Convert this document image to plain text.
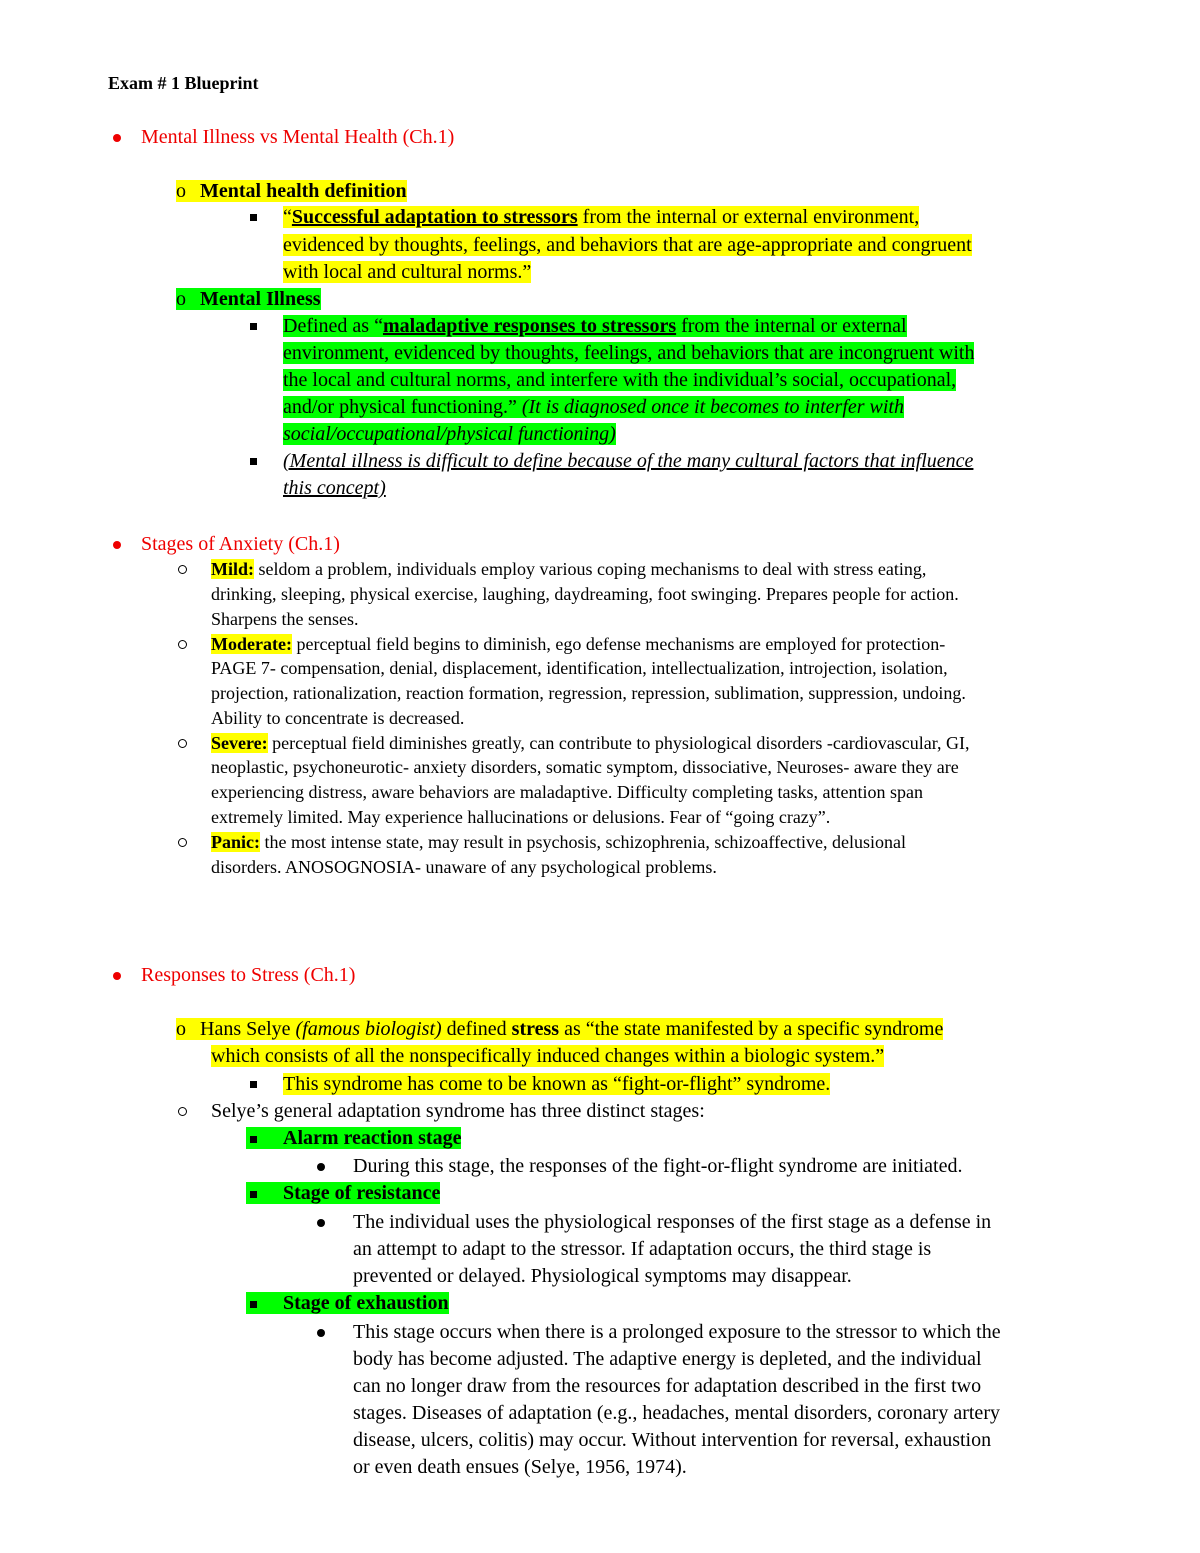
Exam # 1 Blueprint
Mental Illness vs Mental Health (Ch.1)
o Mental health definition
“Successful adaptation to stressors from the internal or external environment,
evidenced by thoughts, feelings, and behaviors that are age-appropriate and congruent
with local and cultural norms.”
o Mental Illness
Defined as “maladaptive responses to stressors from the internal or external
environment, evidenced by thoughts, feelings, and behaviors that are incongruent with
the local and cultural norms, and interfere with the individual’s social, occupational,
and/or physical functioning.” (It is diagnosed once it becomes to interfer with
social/occupational/physical functioning)
(Mental illness is difficult to define because of the many cultural factors that influence
this concept)
Stages of Anxiety (Ch.1)
Mild: seldom a problem, individuals employ various coping mechanisms to deal with stress eating,
drinking, sleeping, physical exercise, laughing, daydreaming, foot swinging. Prepares people for action.
Sharpens the senses.
Moderate: perceptual field begins to diminish, ego defense mechanisms are employed for protection-
PAGE 7- compensation, denial, displacement, identification, intellectualization, introjection, isolation,
projection, rationalization, reaction formation, regression, repression, sublimation, suppression, undoing.
Ability to concentrate is decreased.
Severe: perceptual field diminishes greatly, can contribute to physiological disorders -cardiovascular, GI,
neoplastic, psychoneurotic- anxiety disorders, somatic symptom, dissociative, Neuroses- aware they are
experiencing distress, aware behaviors are maladaptive. Difficulty completing tasks, attention span
extremely limited. May experience hallucinations or delusions. Fear of “going crazy”.
Panic: the most intense state, may result in psychosis, schizophrenia, schizoaffective, delusional
disorders. ANOSOGNOSIA- unaware of any psychological problems.
Responses to Stress (Ch.1)
o Hans Selye (famous biologist) defined stress as “the state manifested by a specific syndrome
which consists of all the nonspecifically induced changes within a biologic system.”
This syndrome has come to be known as “fight-or-flight” syndrome.
Selye’s general adaptation syndrome has three distinct stages:
Alarm reaction stage
During this stage, the responses of the fight-or-flight syndrome are initiated.
Stage of resistance
The individual uses the physiological responses of the first stage as a defense in
an attempt to adapt to the stressor. If adaptation occurs, the third stage is
prevented or delayed. Physiological symptoms may disappear.
Stage of exhaustion
This stage occurs when there is a prolonged exposure to the stressor to which the
body has become adjusted. The adaptive energy is depleted, and the individual
can no longer draw from the resources for adaptation described in the first two
stages. Diseases of adaptation (e.g., headaches, mental disorders, coronary artery
disease, ulcers, colitis) may occur. Without intervention for reversal, exhaustion
or even death ensues (Selye, 1956, 1974).
